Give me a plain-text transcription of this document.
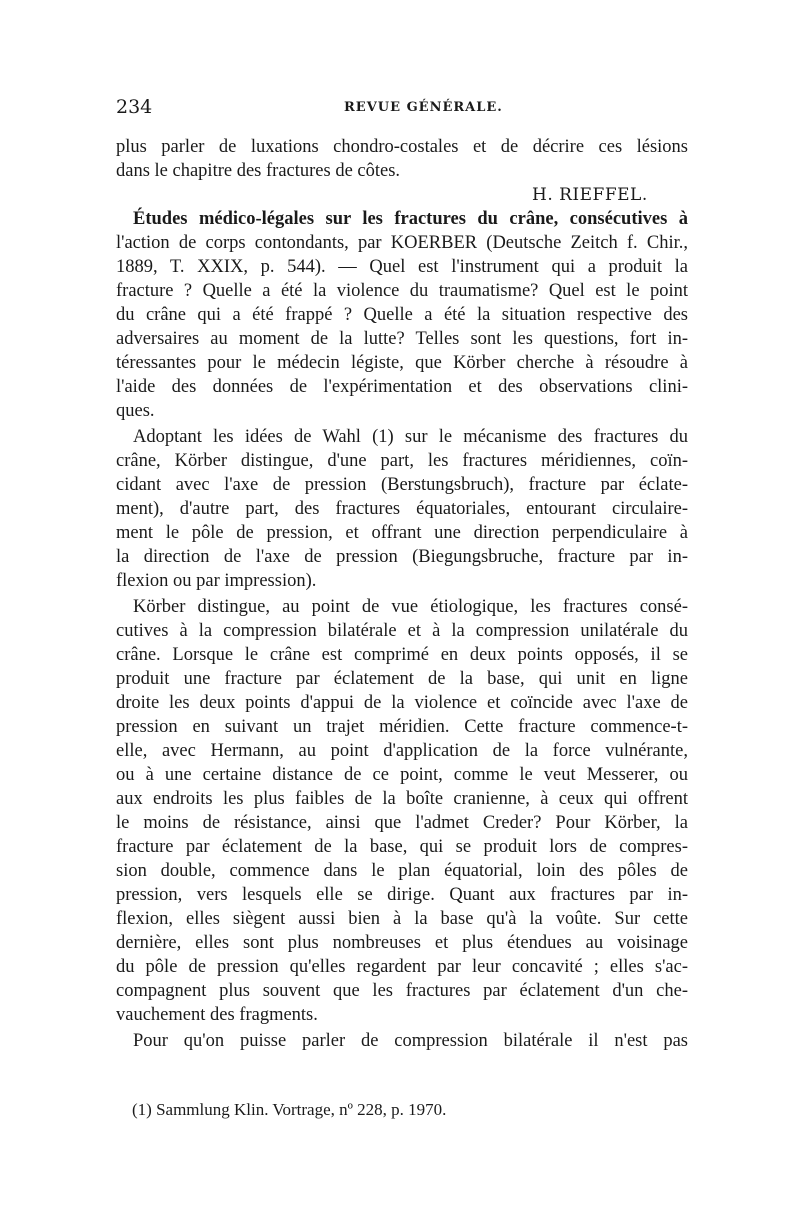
234	REVUE GÉNÉRALE.
plus parler de luxations chondro-costales et de décrire ces lésions
dans le chapitre des fractures de côtes.
H. RIEFFEL.
Études médico-légales sur les fractures du crâne, consécutives à
l'action de corps contondants, par KOERBER (Deutsche Zeitch f. Chir.,
1889, T. XXIX, p. 544). — Quel est l'instrument qui a produit la
fracture ? Quelle a été la violence du traumatisme? Quel est le point
du crâne qui a été frappé ? Quelle a été la situation respective des
adversaires au moment de la lutte? Telles sont les questions, fort in-
téressantes pour le médecin légiste, que Körber cherche à résoudre à
l'aide des données de l'expérimentation et des observations clini-
ques.
Adoptant les idées de Wahl (1) sur le mécanisme des fractures du
crâne, Körber distingue, d'une part, les fractures méridiennes, coïn-
cidant avec l'axe de pression (Berstungsbruch), fracture par éclate-
ment), d'autre part, des fractures équatoriales, entourant circulaire-
ment le pôle de pression, et offrant une direction perpendiculaire à
la direction de l'axe de pression (Biegungsbruche, fracture par in-
flexion ou par impression).
Körber distingue, au point de vue étiologique, les fractures consé-
cutives à la compression bilatérale et à la compression unilatérale du
crâne. Lorsque le crâne est comprimé en deux points opposés, il se
produit une fracture par éclatement de la base, qui unit en ligne
droite les deux points d'appui de la violence et coïncide avec l'axe de
pression en suivant un trajet méridien. Cette fracture commence-t-
elle, avec Hermann, au point d'application de la force vulnérante,
ou à une certaine distance de ce point, comme le veut Messerer, ou
aux endroits les plus faibles de la boîte cranienne, à ceux qui offrent
le moins de résistance, ainsi que l'admet Creder? Pour Körber, la
fracture par éclatement de la base, qui se produit lors de compres-
sion double, commence dans le plan équatorial, loin des pôles de
pression, vers lesquels elle se dirige. Quant aux fractures par in-
flexion, elles siègent aussi bien à la base qu'à la voûte. Sur cette
dernière, elles sont plus nombreuses et plus étendues au voisinage
du pôle de pression qu'elles regardent par leur concavité ; elles s'ac-
compagnent plus souvent que les fractures par éclatement d'un che-
vauchement des fragments.
Pour qu'on puisse parler de compression bilatérale il n'est pas
(1) Sammlung Klin. Vortrage, nº 228, p. 1970.
